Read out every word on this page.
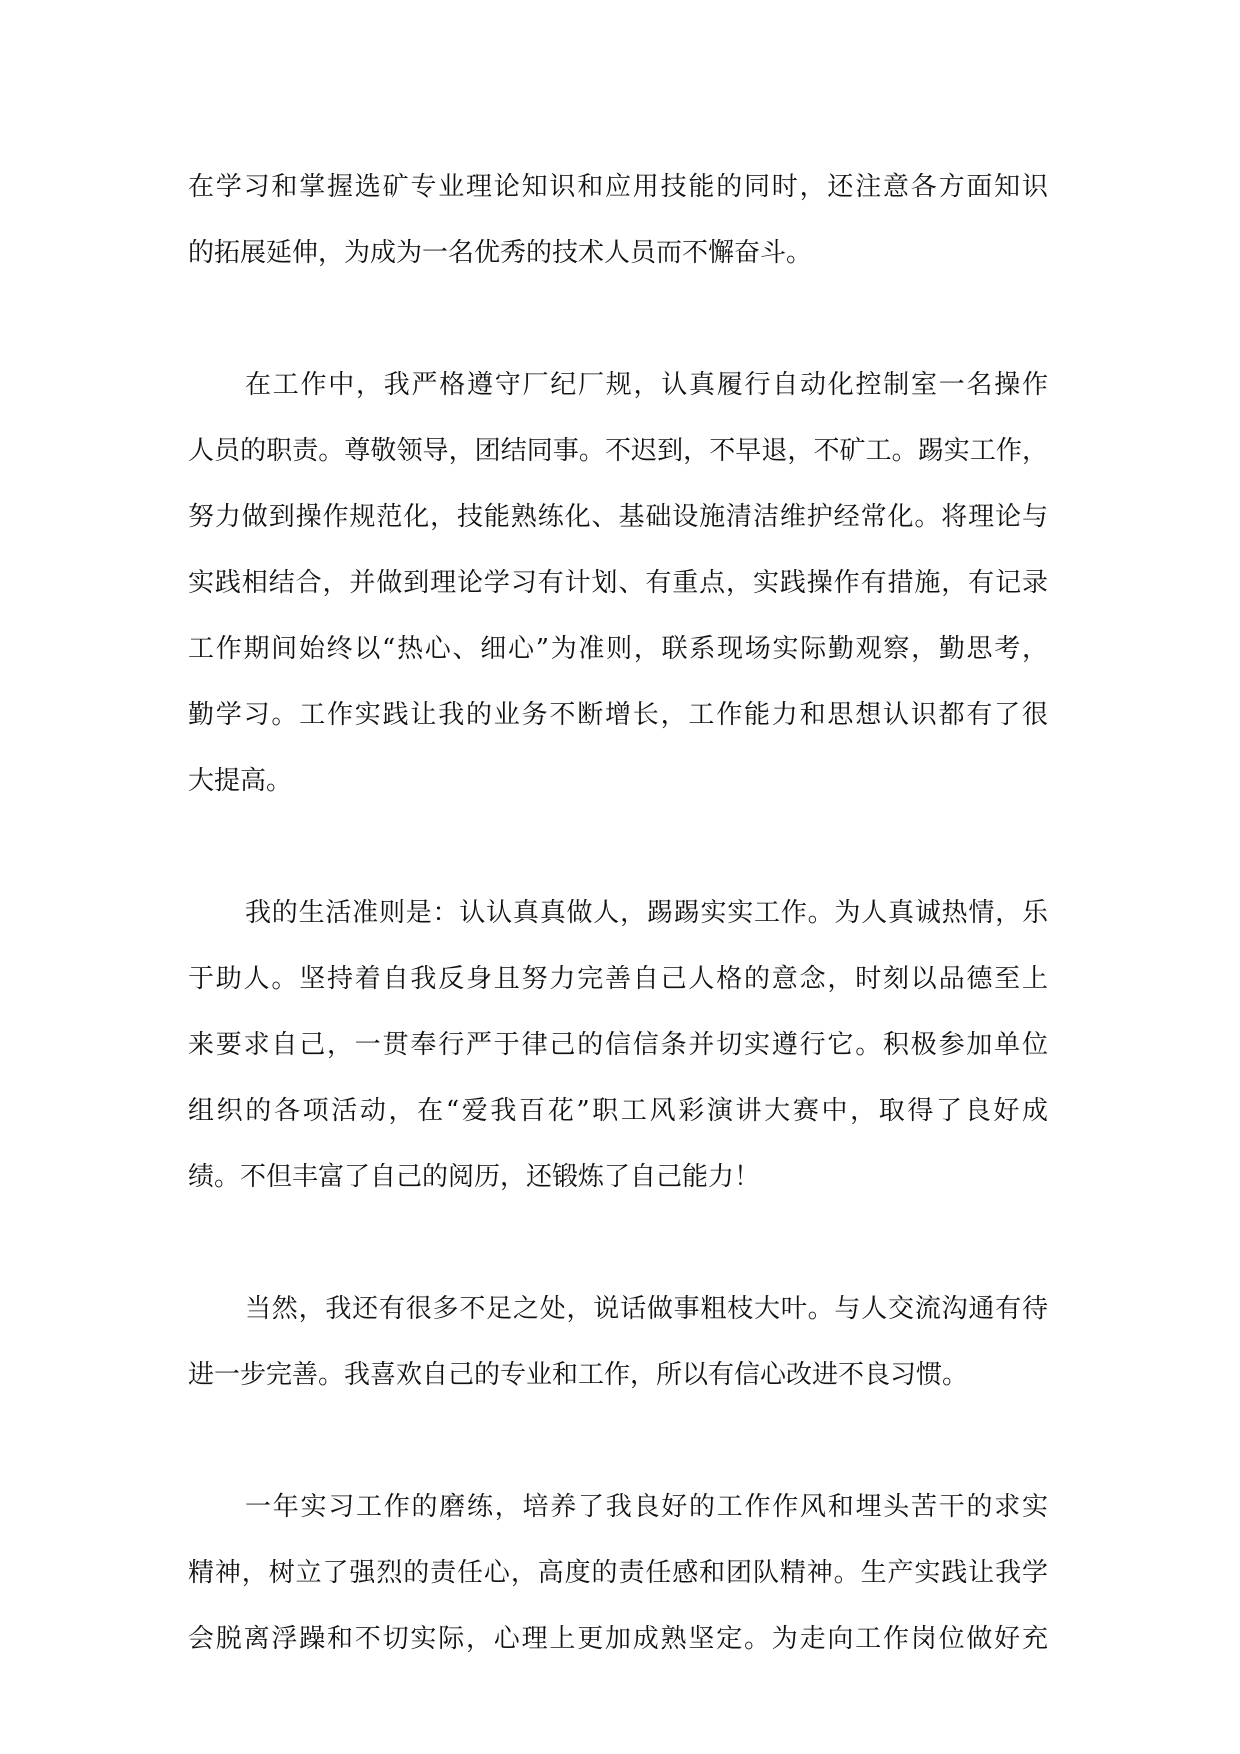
在学习和掌握选矿专业理论知识和应用技能的同时，还注意各方面知识

的拓展延伸，为成为一名优秀的技术人员而不懈奋斗。

在工作中，我严格遵守厂纪厂规，认真履行自动化控制室一名操作

人员的职责。尊敬领导，团结同事。不迟到，不早退，不矿工。踢实工作，

努力做到操作规范化，技能熟练化、基础设施清洁维护经常化。将理论与

实践相结合，并做到理论学习有计划、有重点，实践操作有措施，有记录

工作期间始终以“热心、细心”为准则，联系现场实际勤观察，勤思考，

勤学习。工作实践让我的业务不断增长，工作能力和思想认识都有了很

大提高。

我的生活准则是：认认真真做人，踢踢实实工作。为人真诚热情，乐

于助人。坚持着自我反身且努力完善自己人格的意念，时刻以品德至上

来要求自己，一贯奉行严于律己的信信条并切实遵行它。积极参加单位

组织的各项活动，在“爱我百花”职工风彩演讲大赛中，取得了良好成

绩。不但丰富了自己的阅历，还锻炼了自己能力！

当然，我还有很多不足之处，说话做事粗枝大叶。与人交流沟通有待

进一步完善。我喜欢自己的专业和工作，所以有信心改进不良习惯。

一年实习工作的磨练，培养了我良好的工作作风和埋头苦干的求实

精神，树立了强烈的责任心，高度的责任感和团队精神。生产实践让我学

会脱离浮躁和不切实际，心理上更加成熟坚定。为走向工作岗位做好充
